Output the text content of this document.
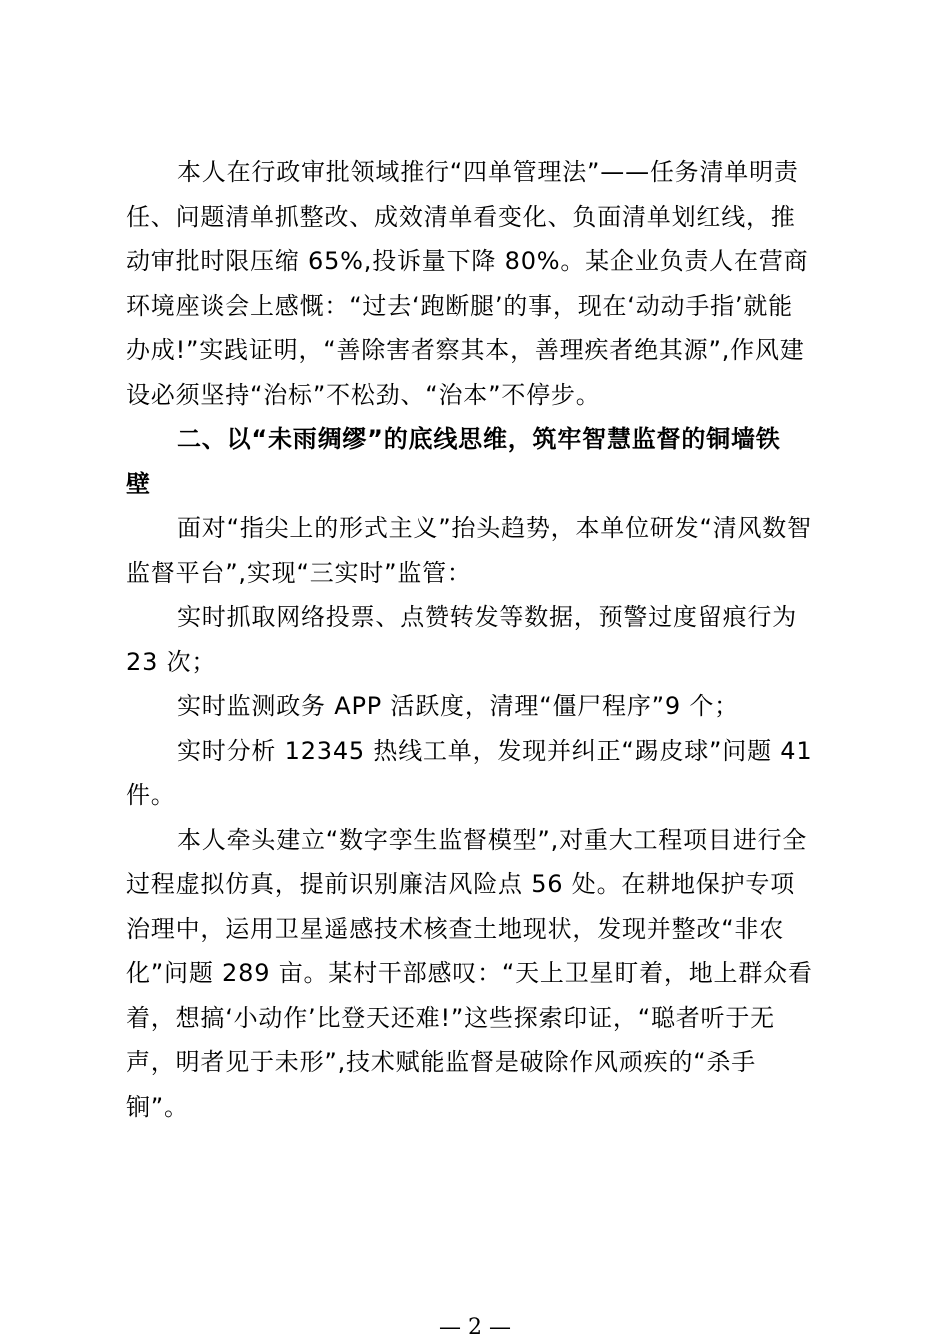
本人在行政审批领域推行“四单管理法”——任务清单明责
任、问题清单抓整改、成效清单看变化、负面清单划红线，推
动审批时限压缩 65%,投诉量下降 80%。某企业负责人在营商
环境座谈会上感慨：“过去‘跑断腿’的事，现在‘动动手指’就能
办成!”实践证明，“善除害者察其本，善理疾者绝其源”,作风建
设必须坚持“治标”不松劲、“治本”不停步。
二、以“未雨绸缪”的底线思维，筑牢智慧监督的铜墙铁
壁
面对“指尖上的形式主义”抬头趋势，本单位研发“清风数智
监督平台”,实现“三实时”监管：
实时抓取网络投票、点赞转发等数据，预警过度留痕行为
23 次；
实时监测政务 APP 活跃度，清理“僵尸程序”9 个；
实时分析 12345 热线工单，发现并纠正“踢皮球”问题 41
件。
本人牵头建立“数字孪生监督模型”,对重大工程项目进行全
过程虚拟仿真，提前识别廉洁风险点 56 处。在耕地保护专项
治理中，运用卫星遥感技术核查土地现状，发现并整改“非农
化”问题 289 亩。某村干部感叹：“天上卫星盯着，地上群众看
着，想搞‘小动作’比登天还难!”这些探索印证，“聪者听于无
声，明者见于未形”,技术赋能监督是破除作风顽疾的“杀手
锏”。
— 2 —
